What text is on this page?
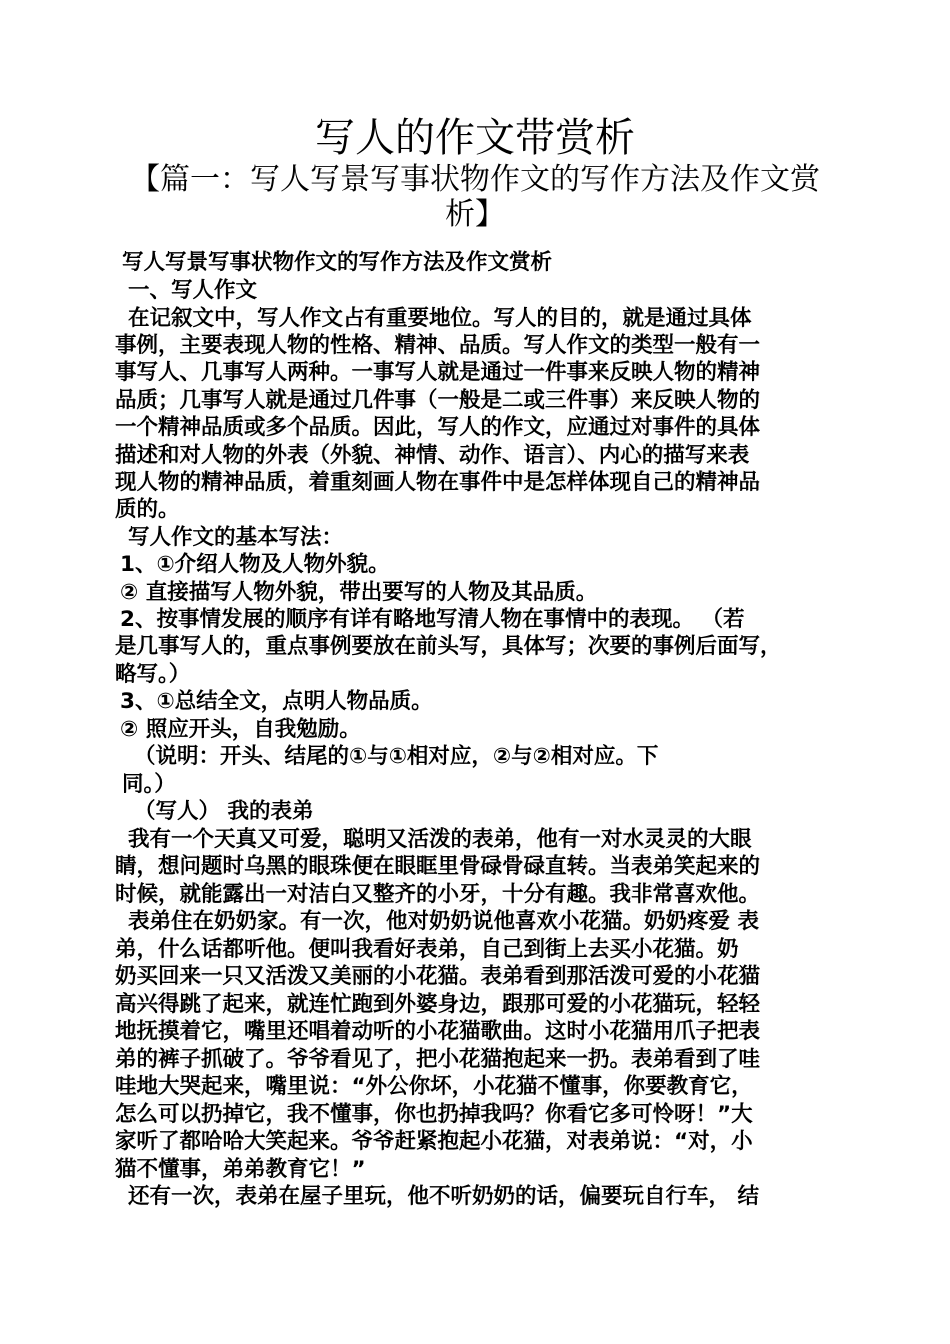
写人的作文带赏析
【篇一：写人写景写事状物作文的写作方法及作文赏
析】
写人写景写事状物作文的写作方法及作文赏析
一、写人作文
在记叙文中，写人作文占有重要地位。写人的目的，就是通过具体
事例，主要表现人物的性格、精神、品质。写人作文的类型一般有一
事写人、几事写人两种。一事写人就是通过一件事来反映人物的精神
品质；几事写人就是通过几件事（一般是二或三件事）来反映人物的
一个精神品质或多个品质。因此，写人的作文，应通过对事件的具体
描述和对人物的外表（外貌、神情、动作、语言）、内心的描写来表
现人物的精神品质，着重刻画人物在事件中是怎样体现自己的精神品
质的。
写人作文的基本写法：
1、①介绍人物及人物外貌。
② 直接描写人物外貌，带出要写的人物及其品质。
2、按事情发展的顺序有详有略地写清人物在事情中的表现。 （若
是几事写人的，重点事例要放在前头写，具体写；次要的事例后面写，
略写。）
3、①总结全文，点明人物品质。
② 照应开头，自我勉励。
（说明：开头、结尾的①与①相对应，②与②相对应。下
同。）
（写人） 我的表弟
我有一个天真又可爱，聪明又活泼的表弟，他有一对水灵灵的大眼
睛，想问题时乌黑的眼珠便在眼眶里骨碌骨碌直转。当表弟笑起来的
时候，就能露出一对洁白又整齐的小牙，十分有趣。我非常喜欢他。
表弟住在奶奶家。有一次，他对奶奶说他喜欢小花猫。奶奶疼爱 表
弟，什么话都听他。便叫我看好表弟，自己到街上去买小花猫。奶
奶买回来一只又活泼又美丽的小花猫。表弟看到那活泼可爱的小花猫
高兴得跳了起来，就连忙跑到外婆身边，跟那可爱的小花猫玩，轻轻
地抚摸着它，嘴里还唱着动听的小花猫歌曲。这时小花猫用爪子把表
弟的裤子抓破了。爷爷看见了，把小花猫抱起来一扔。表弟看到了哇
哇地大哭起来，嘴里说：“外公你坏，小花猫不懂事，你要教育它，
怎么可以扔掉它，我不懂事，你也扔掉我吗？你看它多可怜呀！”大
家听了都哈哈大笑起来。爷爷赶紧抱起小花猫，对表弟说：“对，小
猫不懂事，弟弟教育它！”
还有一次，表弟在屋子里玩，他不听奶奶的话，偏要玩自行车， 结
